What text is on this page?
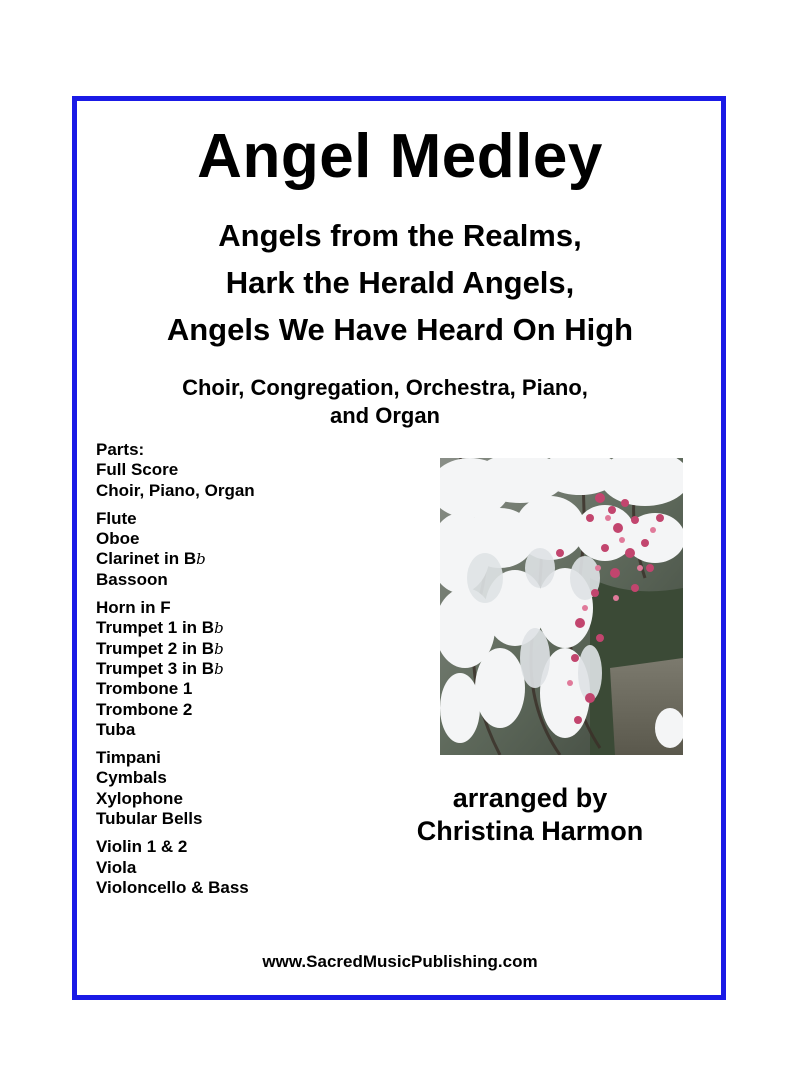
Angel Medley
Angels from the Realms,
Hark the Herald Angels,
Angels We Have Heard On High
Choir, Congregation, Orchestra, Piano,
and Organ
Parts:
Full Score
Choir, Piano, Organ
Flute
Oboe
Clarinet in Bb
Bassoon
Horn in F
Trumpet 1 in Bb
Trumpet 2 in Bb
Trumpet 3 in Bb
Trombone 1
Trombone 2
Tuba
Timpani
Cymbals
Xylophone
Tubular Bells
Violin 1 & 2
Viola
Violoncello & Bass
arranged by
Christina Harmon
www.SacredMusicPublishing.com
